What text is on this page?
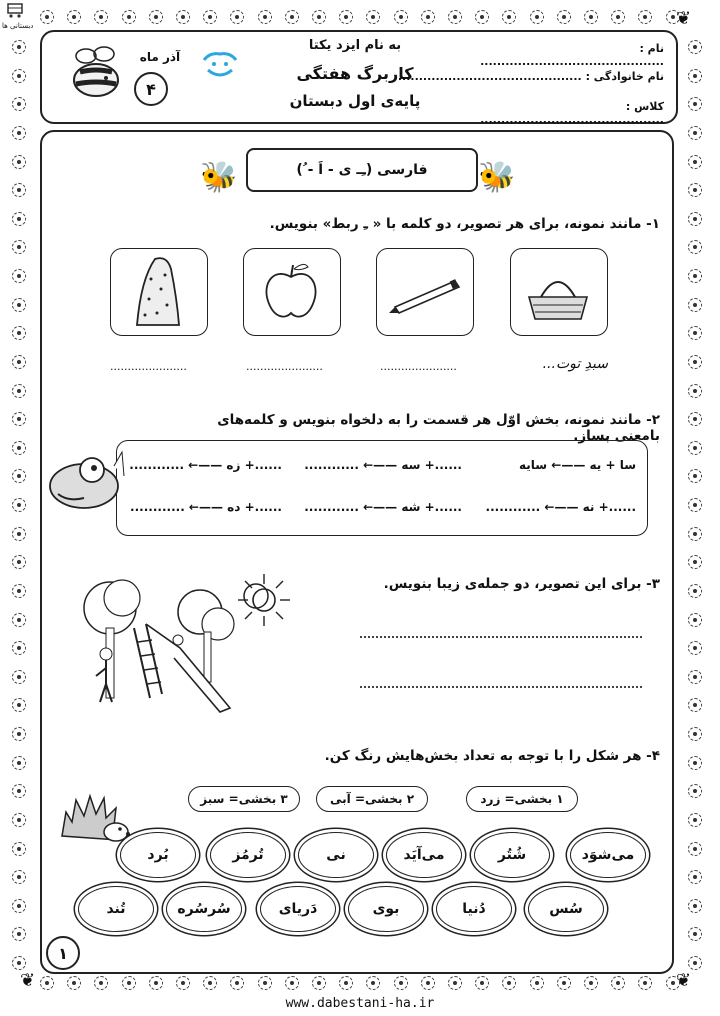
دبستانی ها	❦
❦
❦
نام : ............................................
نام خانوادگی : ............................................
کلاس : ............................................
به نام ایزد یکتا
کاربرگ هفتگی
پایه‌ی اول دبستان
آذر ماه
۴
فارسی (ـِـ ی - اَ - ُ)
🐝	🐝
۱- مانند نمونه، برای هر تصویر، دو کلمه با « ـِ ربط» بنویس.
سبدِ توت...
......................
......................
......................
۲- مانند نمونه، بخش اوّل هر قسمت را به دلخواه بنویس و کلمه‌های بامعنی بساز.
سا + یه ——← سایه
......+ سه ——← ............
......+ زه ——← ............
......+ نه ——← ............
......+ شه ——← ............
......+ ده ——← ............
۳- برای این تصویر، دو جمله‌ی زیبا بنویس.
۴- هر شکل را با توجه به تعداد بخش‌هایش رنگ کن.
۱ بخشی= زرد
۲ بخشی= آبی
۳ بخشی= سبز
می‌شوَد
شُتُر
می‌آیَد
نی
تُرمُز
بُرد
سُس
دُنیا
بوی
دَریای
سُرسُره
تُند
۱
www.dabestani-ha.ir
